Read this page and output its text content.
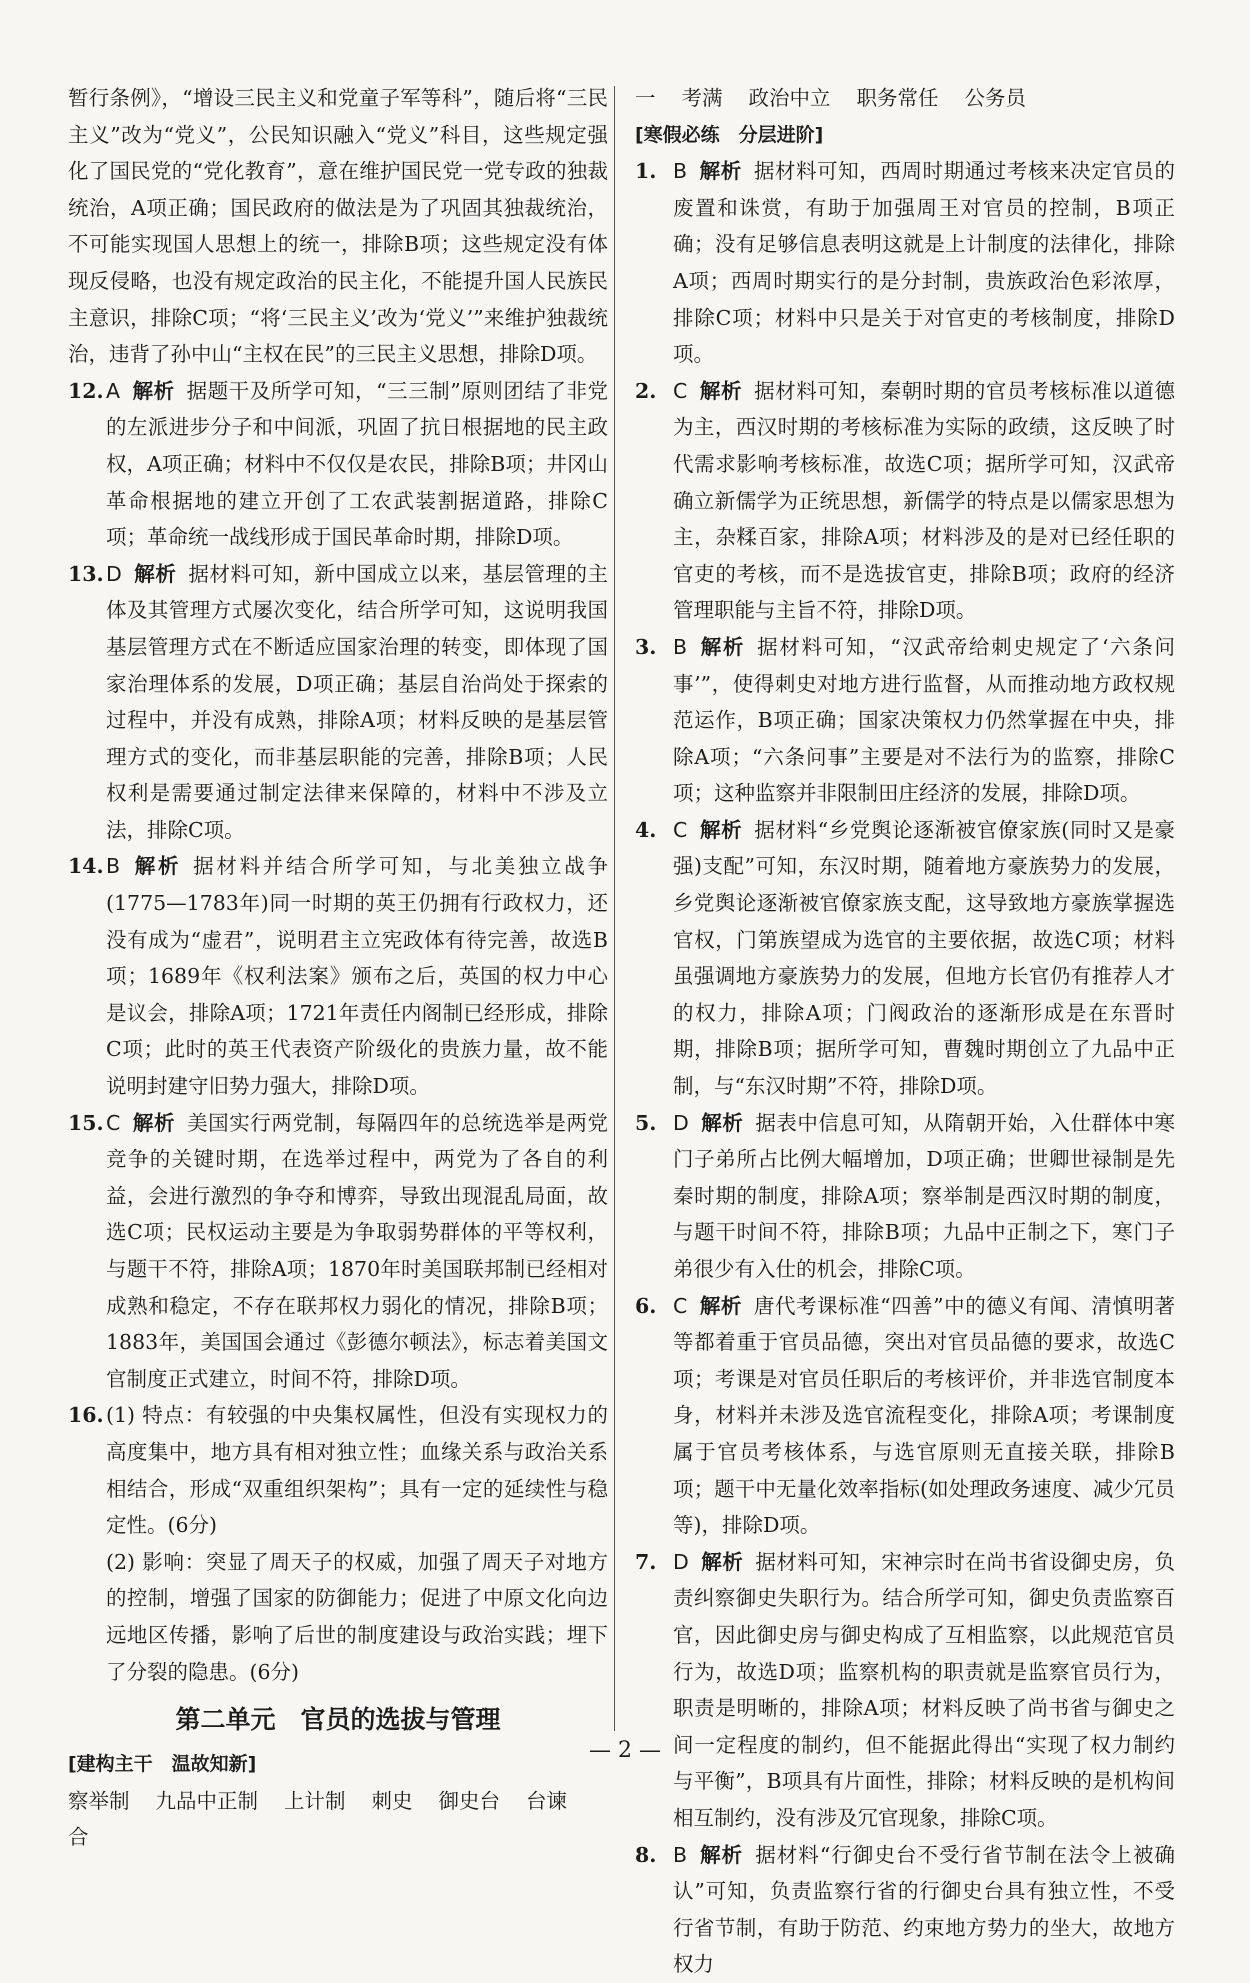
暂行条例》，“增设三民主义和党童子军等科”，随后将“三民主义”改为“党义”，公民知识融入“党义”科目，这些规定强化了国民党的“党化教育”，意在维护国民党一党专政的独裁统治，A项正确；国民政府的做法是为了巩固其独裁统治，不可能实现国人思想上的统一，排除B项；这些规定没有体现反侵略，也没有规定政治的民主化，不能提升国人民族民主意识，排除C项；“将‘三民主义’改为‘党义’”来维护独裁统治，违背了孙中山“主权在民”的三民主义思想，排除D项。

12. A 解析 据题干及所学可知，“三三制”原则团结了非党的左派进步分子和中间派，巩固了抗日根据地的民主政权，A项正确；材料中不仅仅是农民，排除B项；井冈山革命根据地的建立开创了工农武装割据道路，排除C项；革命统一战线形成于国民革命时期，排除D项。

13. D 解析 据材料可知，新中国成立以来，基层管理的主体及其管理方式屡次变化，结合所学可知，这说明我国基层管理方式在不断适应国家治理的转变，即体现了国家治理体系的发展，D项正确；基层自治尚处于探索的过程中，并没有成熟，排除A项；材料反映的是基层管理方式的变化，而非基层职能的完善，排除B项；人民权利是需要通过制定法律来保障的，材料中不涉及立法，排除C项。

14. B 解析 据材料并结合所学可知，与北美独立战争(1775—1783年)同一时期的英王仍拥有行政权力，还没有成为“虚君”，说明君主立宪政体有待完善，故选B项；1689年《权利法案》颁布之后，英国的权力中心是议会，排除A项；1721年责任内阁制已经形成，排除C项；此时的英王代表资产阶级化的贵族力量，故不能说明封建守旧势力强大，排除D项。

15. C 解析 美国实行两党制，每隔四年的总统选举是两党竞争的关键时期，在选举过程中，两党为了各自的利益，会进行激烈的争夺和博弈，导致出现混乱局面，故选C项；民权运动主要是为争取弱势群体的平等权利，与题干不符，排除A项；1870年时美国联邦制已经相对成熟和稳定，不存在联邦权力弱化的情况，排除B项；1883年，美国国会通过《彭德尔顿法》，标志着美国文官制度正式建立，时间不符，排除D项。

16. (1) 特点：有较强的中央集权属性，但没有实现权力的高度集中，地方具有相对独立性；血缘关系与政治关系相结合，形成“双重组织架构”；具有一定的延续性与稳定性。(6分)

(2) 影响：突显了周天子的权威，加强了周天子对地方的控制，增强了国家的防御能力；促进了中原文化向边远地区传播，影响了后世的制度建设与政治实践；埋下了分裂的隐患。(6分)

第二单元　官员的选拔与管理
[建构主干　温故知新]
察举制 九品中正制 上计制 刺史 御史台 台谏合
一 考满 政治中立 职务常任 公务员
[寒假必练　分层进阶]
1. B 解析 据材料可知，西周时期通过考核来决定官员的废置和诛赏，有助于加强周王对官员的控制，B项正确；没有足够信息表明这就是上计制度的法律化，排除A项；西周时期实行的是分封制，贵族政治色彩浓厚，排除C项；材料中只是关于对官吏的考核制度，排除D项。

2. C 解析 据材料可知，秦朝时期的官员考核标准以道德为主，西汉时期的考核标准为实际的政绩，这反映了时代需求影响考核标准，故选C项；据所学可知，汉武帝确立新儒学为正统思想，新儒学的特点是以儒家思想为主，杂糅百家，排除A项；材料涉及的是对已经任职的官吏的考核，而不是选拔官吏，排除B项；政府的经济管理职能与主旨不符，排除D项。

3. B 解析 据材料可知，“汉武帝给刺史规定了‘六条问事’”，使得刺史对地方进行监督，从而推动地方政权规范运作，B项正确；国家决策权力仍然掌握在中央，排除A项；“六条问事”主要是对不法行为的监察，排除C项；这种监察并非限制田庄经济的发展，排除D项。

4. C 解析 据材料“乡党舆论逐渐被官僚家族(同时又是豪强)支配”可知，东汉时期，随着地方豪族势力的发展，乡党舆论逐渐被官僚家族支配，这导致地方豪族掌握选官权，门第族望成为选官的主要依据，故选C项；材料虽强调地方豪族势力的发展，但地方长官仍有推荐人才的权力，排除A项；门阀政治的逐渐形成是在东晋时期，排除B项；据所学可知，曹魏时期创立了九品中正制，与“东汉时期”不符，排除D项。

5. D 解析 据表中信息可知，从隋朝开始，入仕群体中寒门子弟所占比例大幅增加，D项正确；世卿世禄制是先秦时期的制度，排除A项；察举制是西汉时期的制度，与题干时间不符，排除B项；九品中正制之下，寒门子弟很少有入仕的机会，排除C项。

6. C 解析 唐代考课标准“四善”中的德义有闻、清慎明著等都着重于官员品德，突出对官员品德的要求，故选C项；考课是对官员任职后的考核评价，并非选官制度本身，材料并未涉及选官流程变化，排除A项；考课制度属于官员考核体系，与选官原则无直接关联，排除B项；题干中无量化效率指标(如处理政务速度、减少冗员等)，排除D项。

7. D 解析 据材料可知，宋神宗时在尚书省设御史房，负责纠察御史失职行为。结合所学可知，御史负责监察百官，因此御史房与御史构成了互相监察，以此规范官员行为，故选D项；监察机构的职责就是监察官员行为，职责是明晰的，排除A项；材料反映了尚书省与御史之间一定程度的制约，但不能据此得出“实现了权力制约与平衡”，B项具有片面性，排除；材料反映的是机构间相互制约，没有涉及冗官现象，排除C项。

8. B 解析 据材料“行御史台不受行省节制在法令上被确认”可知，负责监察行省的行御史台具有独立性，不受行省节制，有助于防范、约束地方势力的坐大，故地方权力

— 2 —
